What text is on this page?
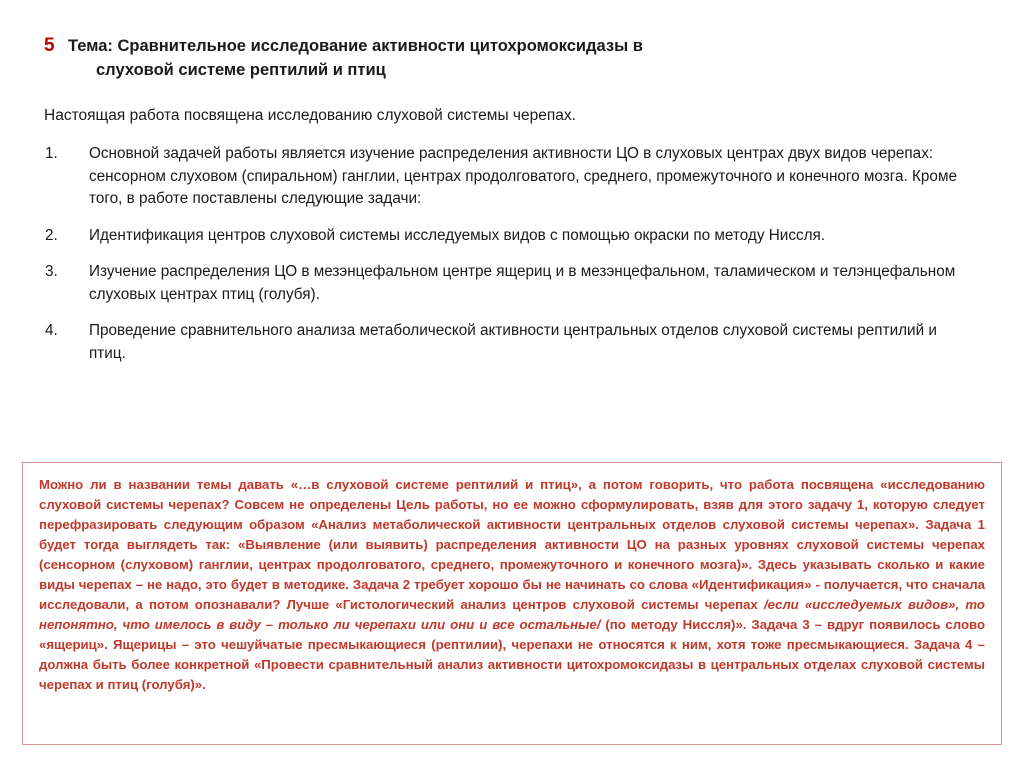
5 Тема: Сравнительное исследование активности цитохромоксидазы в
слуховой системе рептилий и птиц
Настоящая работа посвящена исследованию слуховой системы черепах.
1.	Основной задачей работы является изучение распределения активности ЦО в слуховых центрах двух видов черепах: сенсорном слуховом (спиральном) ганглии, центрах продолговатого, среднего, промежуточного и конечного мозга. Кроме того, в работе поставлены следующие задачи:
2.	Идентификация центров слуховой системы исследуемых видов с помощью окраски по методу Ниссля.
3.	Изучение распределения ЦО в мезэнцефальном центре ящериц и в мезэнцефальном, таламическом и телэнцефальном слуховых центрах птиц (голубя).
4.	Проведение сравнительного анализа метаболической активности центральных отделов слуховой системы рептилий и птиц.

Можно ли в названии темы давать «…в слуховой системе рептилий и птиц», а потом говорить, что работа посвящена «исследованию слуховой системы черепах? Совсем не определены Цель работы, но ее можно сформулировать, взяв для этого задачу 1, которую следует перефразировать следующим образом «Анализ метаболической активности центральных отделов слуховой системы черепах». Задача 1 будет тогда выглядеть так: «Выявление (или выявить) распределения активности ЦО на разных уровнях слуховой системы черепах (сенсорном (слуховом) ганглии, центрах продолговатого, среднего, промежуточного и конечного мозга)». Здесь указывать сколько и какие виды черепах – не надо, это будет в методике. Задача 2 требует хорошо бы не начинать со слова «Идентификация» - получается, что сначала исследовали, а потом опознавали? Лучше «Гистологический анализ центров слуховой системы черепах /если «исследуемых видов», то непонятно, что имелось в виду – только ли черепахи или они и все остальные/ (по методу Ниссля)». Задача 3 – вдруг появилось слово «ящериц». Ящерицы – это чешуйчатые пресмыкающиеся (рептилии), черепахи не относятся к ним, хотя тоже пресмыкающиеся. Задача 4 – должна быть более конкретной «Провести сравнительный анализ активности цитохромоксидазы в центральных отделах слуховой системы черепах и птиц (голубя)».
